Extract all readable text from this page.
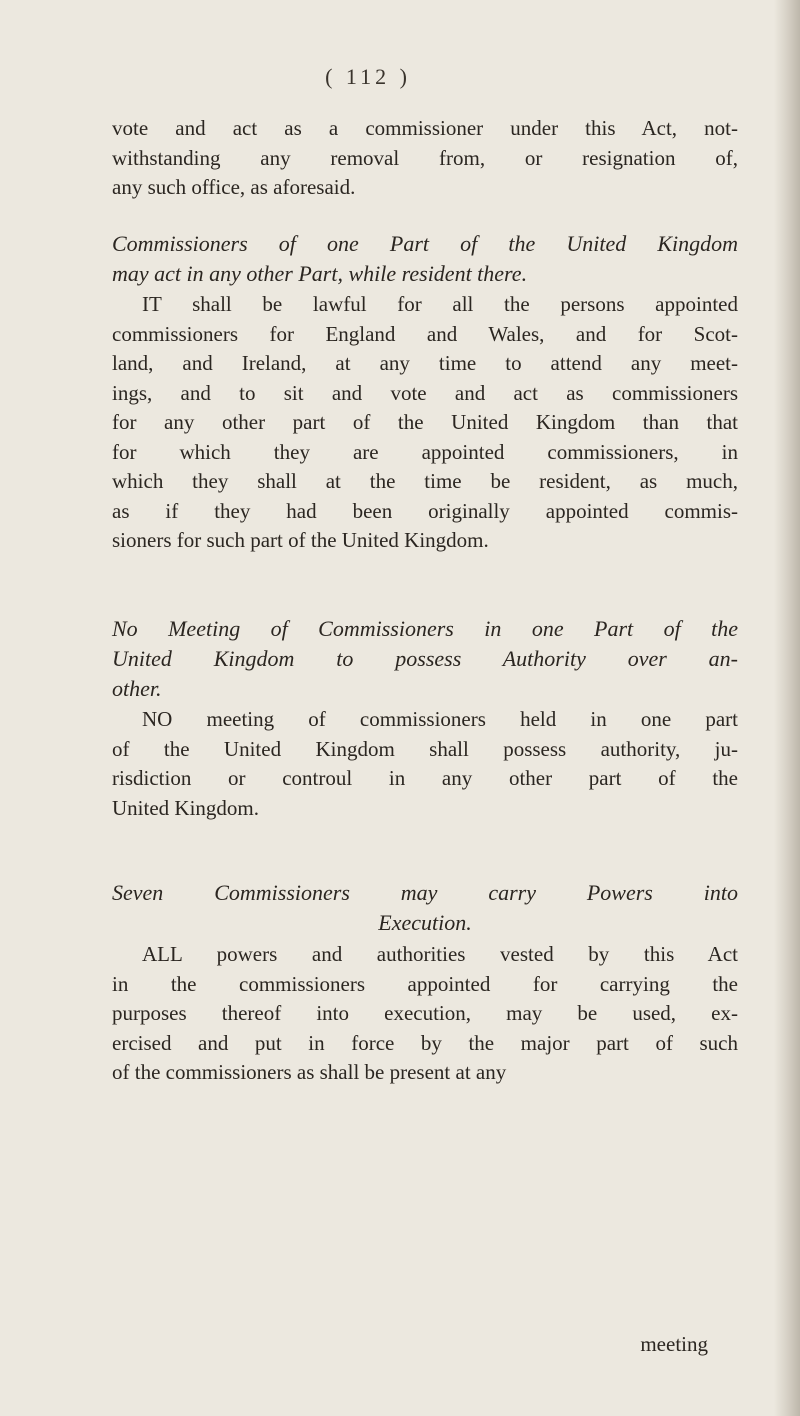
( 112 )
vote and act as a commissioner under this Act, not-
withstanding any removal from, or resignation of,
any such office, as aforesaid.
Commissioners of one Part of the United Kingdom
may act in any other Part, while resident there.
IT shall be lawful for all the persons appointed
commissioners for England and Wales, and for Scot-
land, and Ireland, at any time to attend any meet-
ings, and to sit and vote and act as commissioners
for any other part of the United Kingdom than that
for which they are appointed commissioners, in
which they shall at the time be resident, as much,
as if they had been originally appointed commis-
sioners for such part of the United Kingdom.
No Meeting of Commissioners in one Part of the
United Kingdom to possess Authority over an-
other.
NO meeting of commissioners held in one part
of the United Kingdom shall possess authority, ju-
risdiction or controul in any other part of the
United Kingdom.
Seven Commissioners may carry Powers into
Execution.
ALL powers and authorities vested by this Act
in the commissioners appointed for carrying the
purposes thereof into execution, may be used, ex-
ercised and put in force by the major part of such
of the commissioners as shall be present at any
meeting
